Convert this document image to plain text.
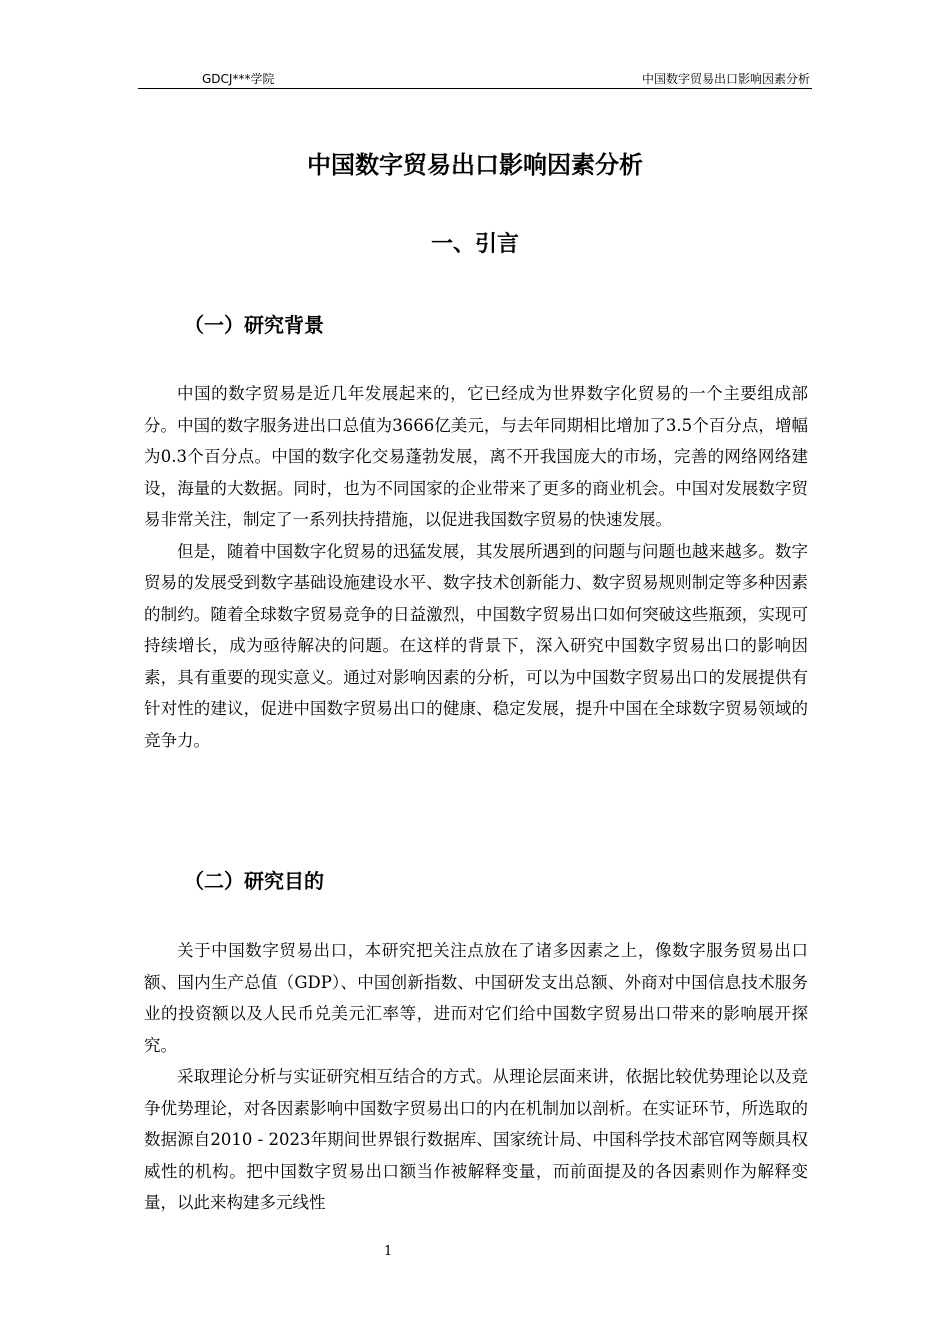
GDCJ***学院	中国数字贸易出口影响因素分析
中国数字贸易出口影响因素分析
一、引言
（一）研究背景

中国的数字贸易是近几年发展起来的，它已经成为世界数字化贸易的一个主要组成部分。中国的数字服务进出口总值为3666亿美元，与去年同期相比增加了3.5个百分点，增幅为0.3个百分点。中国的数字化交易蓬勃发展，离不开我国庞大的市场，完善的网络网络建设，海量的大数据。同时，也为不同国家的企业带来了更多的商业机会。中国对发展数字贸易非常关注，制定了一系列扶持措施，以促进我国数字贸易的快速发展。

但是，随着中国数字化贸易的迅猛发展，其发展所遇到的问题与问题也越来越多。数字贸易的发展受到数字基础设施建设水平、数字技术创新能力、数字贸易规则制定等多种因素的制约。随着全球数字贸易竞争的日益激烈，中国数字贸易出口如何突破这些瓶颈，实现可持续增长，成为亟待解决的问题。在这样的背景下，深入研究中国数字贸易出口的影响因素，具有重要的现实意义。通过对影响因素的分析，可以为中国数字贸易出口的发展提供有针对性的建议，促进中国数字贸易出口的健康、稳定发展，提升中国在全球数字贸易领域的竞争力。

（二）研究目的

关于中国数字贸易出口，本研究把关注点放在了诸多因素之上，像数字服务贸易出口额、国内生产总值（GDP）、中国创新指数、中国研发支出总额、外商对中国信息技术服务业的投资额以及人民币兑美元汇率等，进而对它们给中国数字贸易出口带来的影响展开探究。

采取理论分析与实证研究相互结合的方式。从理论层面来讲，依据比较优势理论以及竞争优势理论，对各因素影响中国数字贸易出口的内在机制加以剖析。在实证环节，所选取的数据源自2010 - 2023年期间世界银行数据库、国家统计局、中国科学技术部官网等颇具权威性的机构。把中国数字贸易出口额当作被解释变量，而前面提及的各因素则作为解释变量，以此来构建多元线性

1
